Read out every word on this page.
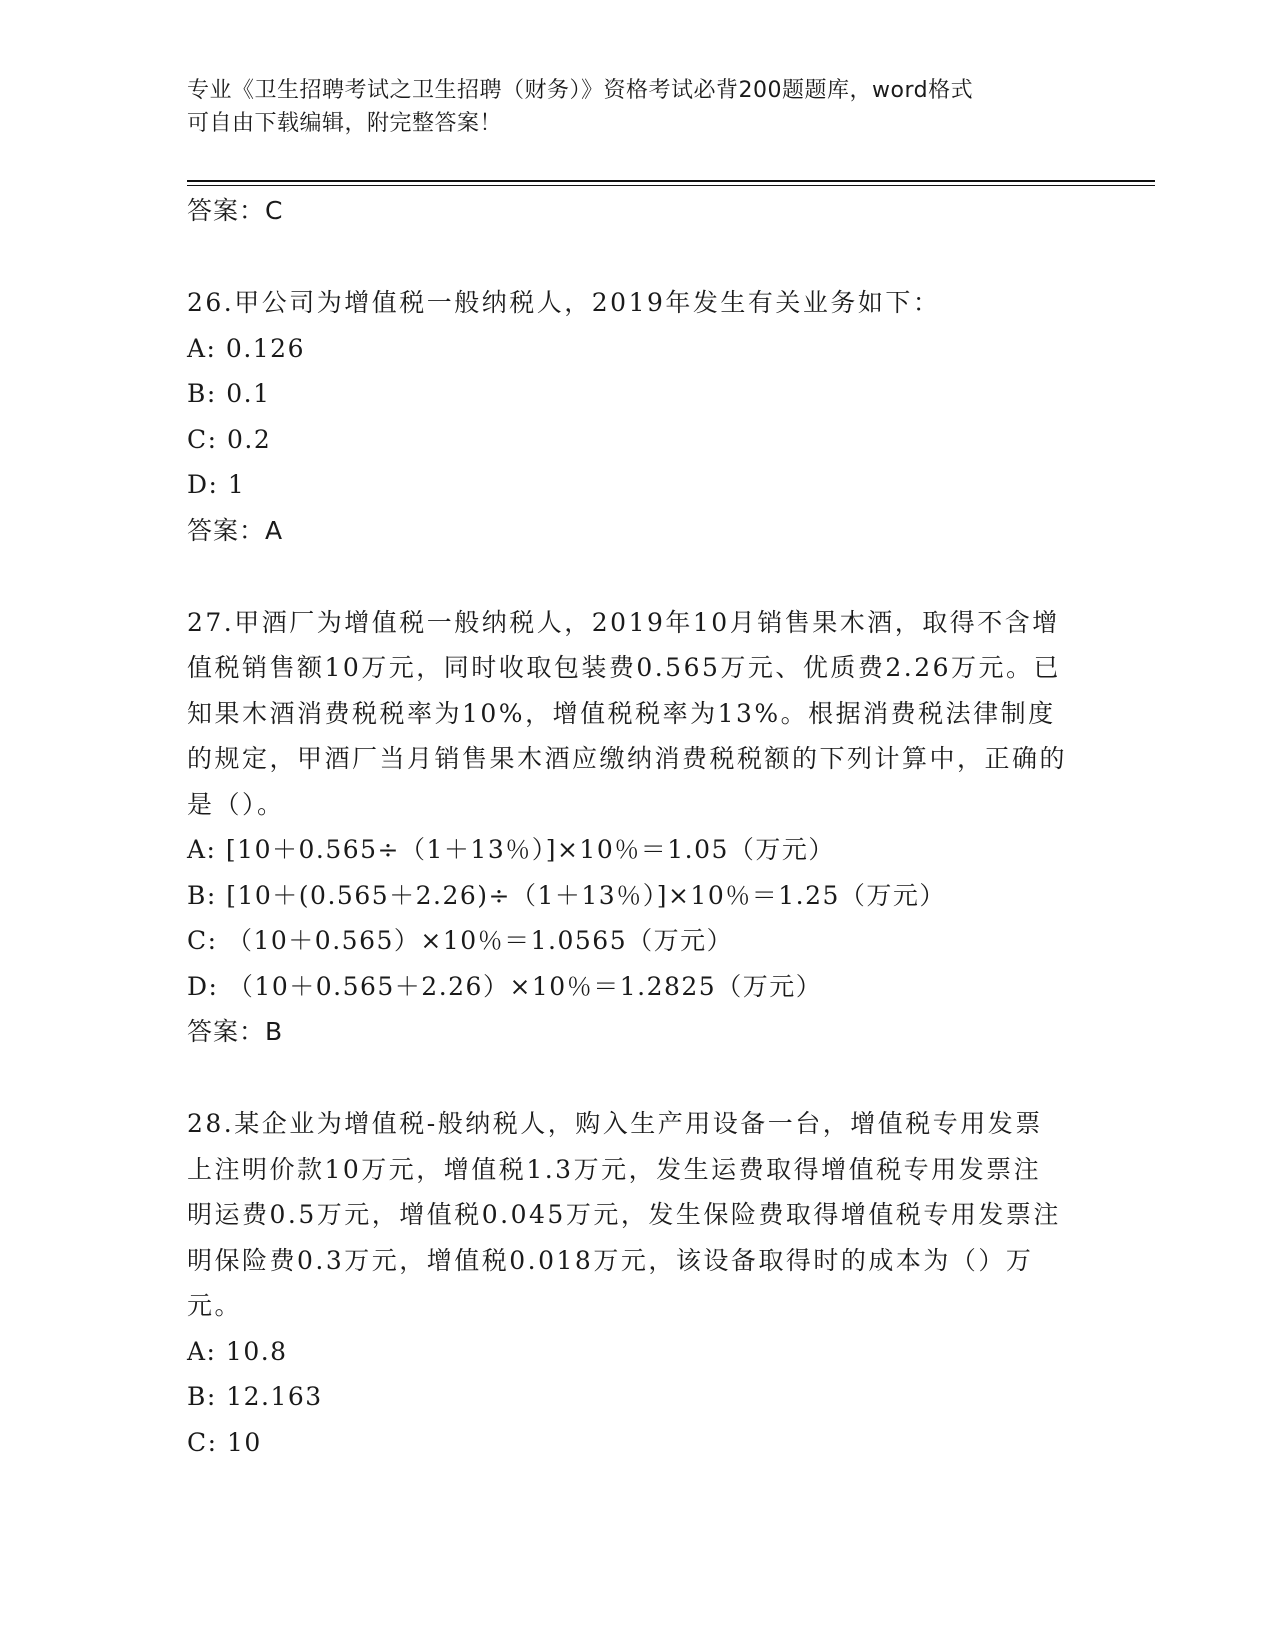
专业《卫生招聘考试之卫生招聘（财务）》资格考试必背200题题库，word格式
可自由下载编辑，附完整答案！
答案：C

26.甲公司为增值税一般纳税人，2019年发生有关业务如下：

A: 0.126
B: 0.1
C: 0.2
D: 1
答案：A

27.甲酒厂为增值税一般纳税人，2019年10月销售果木酒，取得不含增值税销售额10万元，同时收取包装费0.565万元、优质费2.26万元。已知果木酒消费税税率为10%，增值税税率为13%。根据消费税法律制度的规定，甲酒厂当月销售果木酒应缴纳消费税税额的下列计算中，正确的是（）。

A: [10＋0.565÷（1＋13％）]×10％＝1.05（万元）
B: [10＋(0.565＋2.26)÷（1＋13％）]×10％＝1.25（万元）
C: （10＋0.565）×10％＝1.0565（万元）
D: （10＋0.565＋2.26）×10％＝1.2825（万元）
答案：B

28.某企业为增值税-般纳税人，购入生产用设备一台，增值税专用发票上注明价款10万元，增值税1.3万元，发生运费取得增值税专用发票注明运费0.5万元，增值税0.045万元，发生保险费取得增值税专用发票注明保险费0.3万元，增值税0.018万元，该设备取得时的成本为（）万元。

A: 10.8
B: 12.163
C: 10
